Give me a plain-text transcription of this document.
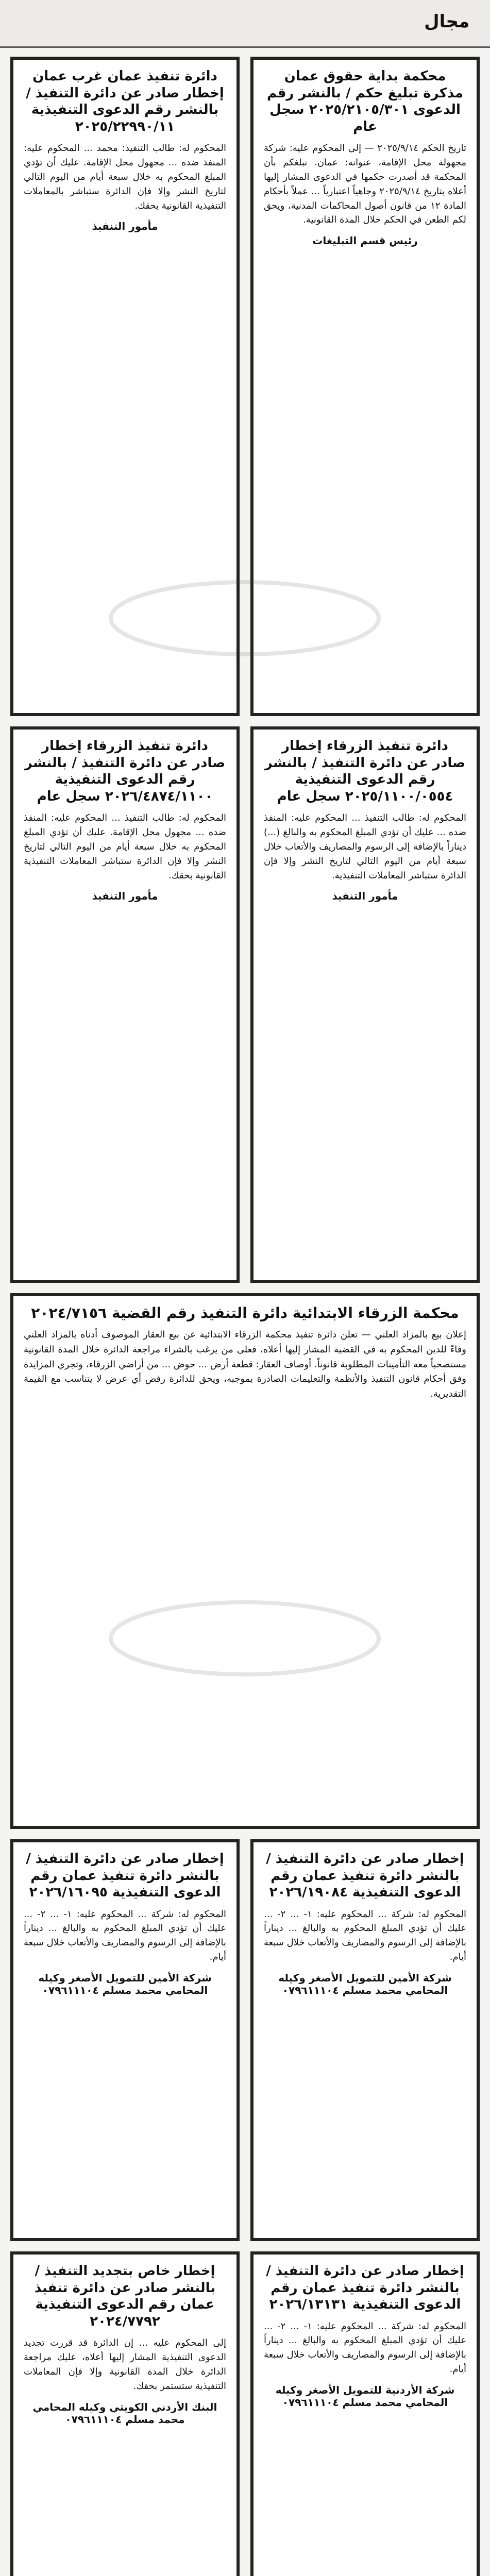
مجال
محكمة بداية حقوق عمان مذكرة تبليغ حكم / بالنشر رقم الدعوى ٢٠٢٥/٢١٠٥/٣٠١ سجل عام
تاريخ الحكم ٢٠٢٥/٩/١٤ — إلى المحكوم عليه: شركة مجهولة محل الإقامة، عنوانه: عمان. نبلغكم بأن المحكمة قد أصدرت حكمها في الدعوى المشار إليها أعلاه بتاريخ ٢٠٢٥/٩/١٤ وجاهياً اعتبارياً ... عملاً بأحكام المادة ١٢ من قانون أصول المحاكمات المدنية، ويحق لكم الطعن في الحكم خلال المدة القانونية.
رئيس قسم التبليغات
دائرة تنفيذ عمان غرب عمان إخطار صادر عن دائرة التنفيذ / بالنشر رقم الدعوى التنفيذية ٢٠٢٥/٢٢٩٩٠/١١
المحكوم له: طالب التنفيذ: محمد ... المحكوم عليه: المنفذ ضده ... مجهول محل الإقامة. عليك أن تؤدي المبلغ المحكوم به خلال سبعة أيام من اليوم التالي لتاريخ النشر وإلا فإن الدائرة ستباشر بالمعاملات التنفيذية القانونية بحقك.
مأمور التنفيذ
دائرة تنفيذ الزرقاء إخطار صادر عن دائرة التنفيذ / بالنشر رقم الدعوى التنفيذية ٢٠٢٥/١١٠٠/٠٥٥٤ سجل عام
المحكوم له: طالب التنفيذ ... المحكوم عليه: المنفذ ضده ... عليك أن تؤدي المبلغ المحكوم به والبالغ (...) ديناراً بالإضافة إلى الرسوم والمصاريف والأتعاب خلال سبعة أيام من اليوم التالي لتاريخ النشر وإلا فإن الدائرة ستباشر المعاملات التنفيذية.
مأمور التنفيذ
دائرة تنفيذ الزرقاء إخطار صادر عن دائرة التنفيذ / بالنشر رقم الدعوى التنفيذية ٢٠٢٦/٤٨٧٤/١١٠٠ سجل عام
المحكوم له: طالب التنفيذ ... المحكوم عليه: المنفذ ضده ... مجهول محل الإقامة. عليك أن تؤدي المبلغ المحكوم به خلال سبعة أيام من اليوم التالي لتاريخ النشر وإلا فإن الدائرة ستباشر المعاملات التنفيذية القانونية بحقك.
مأمور التنفيذ
محكمة الزرقاء الابتدائية دائرة التنفيذ رقم القضية ٢٠٢٤/٧١٥٦
إعلان بيع بالمزاد العلني — تعلن دائرة تنفيذ محكمة الزرقاء الابتدائية عن بيع العقار الموصوف أدناه بالمزاد العلني وفاءً للدين المحكوم به في القضية المشار إليها أعلاه، فعلى من يرغب بالشراء مراجعة الدائرة خلال المدة القانونية مستصحباً معه التأمينات المطلوبة قانوناً. أوصاف العقار: قطعة أرض ... حوض ... من أراضي الزرقاء، وتجري المزايدة وفق أحكام قانون التنفيذ والأنظمة والتعليمات الصادرة بموجبه، ويحق للدائرة رفض أي عرض لا يتناسب مع القيمة التقديرية.
إخطار صادر عن دائرة التنفيذ / بالنشر دائرة تنفيذ عمان رقم الدعوى التنفيذية ٢٠٢٦/١٩٠٨٤
المحكوم له: شركة ... المحكوم عليه: ١- ... ٢- ... عليك أن تؤدي المبلغ المحكوم به والبالغ ... ديناراً بالإضافة إلى الرسوم والمصاريف والأتعاب خلال سبعة أيام.
شركة الأمين للتمويل الأصغر وكيله المحامي محمد مسلم ٠٧٩٦١١١٠٤
إخطار صادر عن دائرة التنفيذ / بالنشر دائرة تنفيذ عمان رقم الدعوى التنفيذية ٢٠٢٦/١٦٠٩٥
المحكوم له: شركة ... المحكوم عليه: ١- ... ٢- ... عليك أن تؤدي المبلغ المحكوم به والبالغ ... ديناراً بالإضافة إلى الرسوم والمصاريف والأتعاب خلال سبعة أيام.
شركة الأمين للتمويل الأصغر وكيله المحامي محمد مسلم ٠٧٩٦١١١٠٤
إخطار صادر عن دائرة التنفيذ / بالنشر دائرة تنفيذ عمان رقم الدعوى التنفيذية ٢٠٢٦/١٣١٣١
المحكوم له: شركة ... المحكوم عليه: ١- ... ٢- ... عليك أن تؤدي المبلغ المحكوم به والبالغ ... ديناراً بالإضافة إلى الرسوم والمصاريف والأتعاب خلال سبعة أيام.
شركة الأردنية للتمويل الأصغر وكيله المحامي محمد مسلم ٠٧٩٦١١١٠٤
إخطار خاص بتجديد التنفيذ / بالنشر صادر عن دائرة تنفيذ عمان رقم الدعوى التنفيذية ٢٠٢٤/٧٧٩٢
إلى المحكوم عليه ... إن الدائرة قد قررت تجديد الدعوى التنفيذية المشار إليها أعلاه، عليك مراجعة الدائرة خلال المدة القانونية وإلا فإن المعاملات التنفيذية ستستمر بحقك.
البنك الأردني الكويتي وكيله المحامي محمد مسلم ٠٧٩٦١١١٠٤
